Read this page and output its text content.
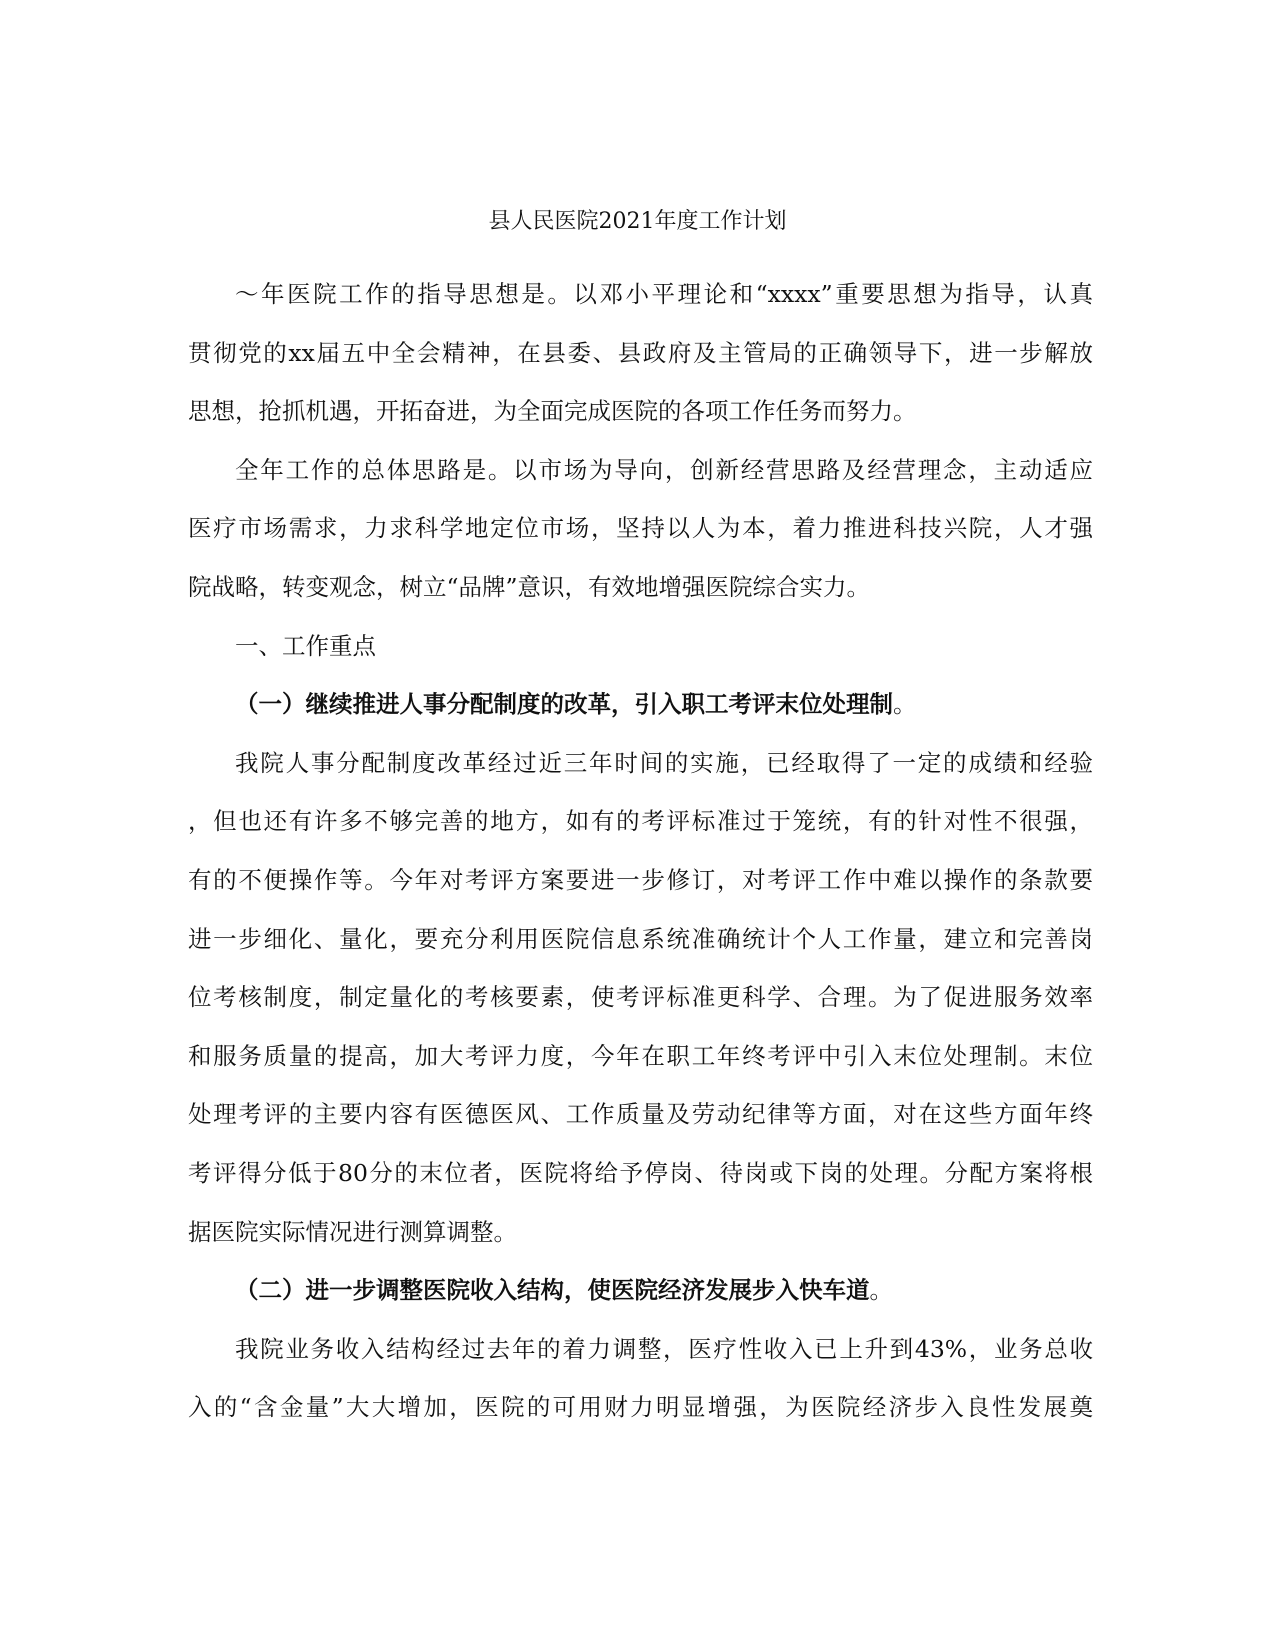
县人民医院2021年度工作计划
～年医院工作的指导思想是。以邓小平理论和“xxxx”重要思想为指导，认真
贯彻党的xx届五中全会精神，在县委、县政府及主管局的正确领导下，进一步解放
思想，抢抓机遇，开拓奋进，为全面完成医院的各项工作任务而努力。
全年工作的总体思路是。以市场为导向，创新经营思路及经营理念，主动适应
医疗市场需求，力求科学地定位市场，坚持以人为本，着力推进科技兴院，人才强
院战略，转变观念，树立“品牌”意识，有效地增强医院综合实力。
一、工作重点
（一）继续推进人事分配制度的改革，引入职工考评末位处理制。
我院人事分配制度改革经过近三年时间的实施，已经取得了一定的成绩和经验
，但也还有许多不够完善的地方，如有的考评标准过于笼统，有的针对性不很强，
有的不便操作等。今年对考评方案要进一步修订，对考评工作中难以操作的条款要
进一步细化、量化，要充分利用医院信息系统准确统计个人工作量，建立和完善岗
位考核制度，制定量化的考核要素，使考评标准更科学、合理。为了促进服务效率
和服务质量的提高，加大考评力度，今年在职工年终考评中引入末位处理制。末位
处理考评的主要内容有医德医风、工作质量及劳动纪律等方面，对在这些方面年终
考评得分低于80分的末位者，医院将给予停岗、待岗或下岗的处理。分配方案将根
据医院实际情况进行测算调整。
（二）进一步调整医院收入结构，使医院经济发展步入快车道。
我院业务收入结构经过去年的着力调整，医疗性收入已上升到43%，业务总收
入的“含金量”大大增加，医院的可用财力明显增强，为医院经济步入良性发展奠
